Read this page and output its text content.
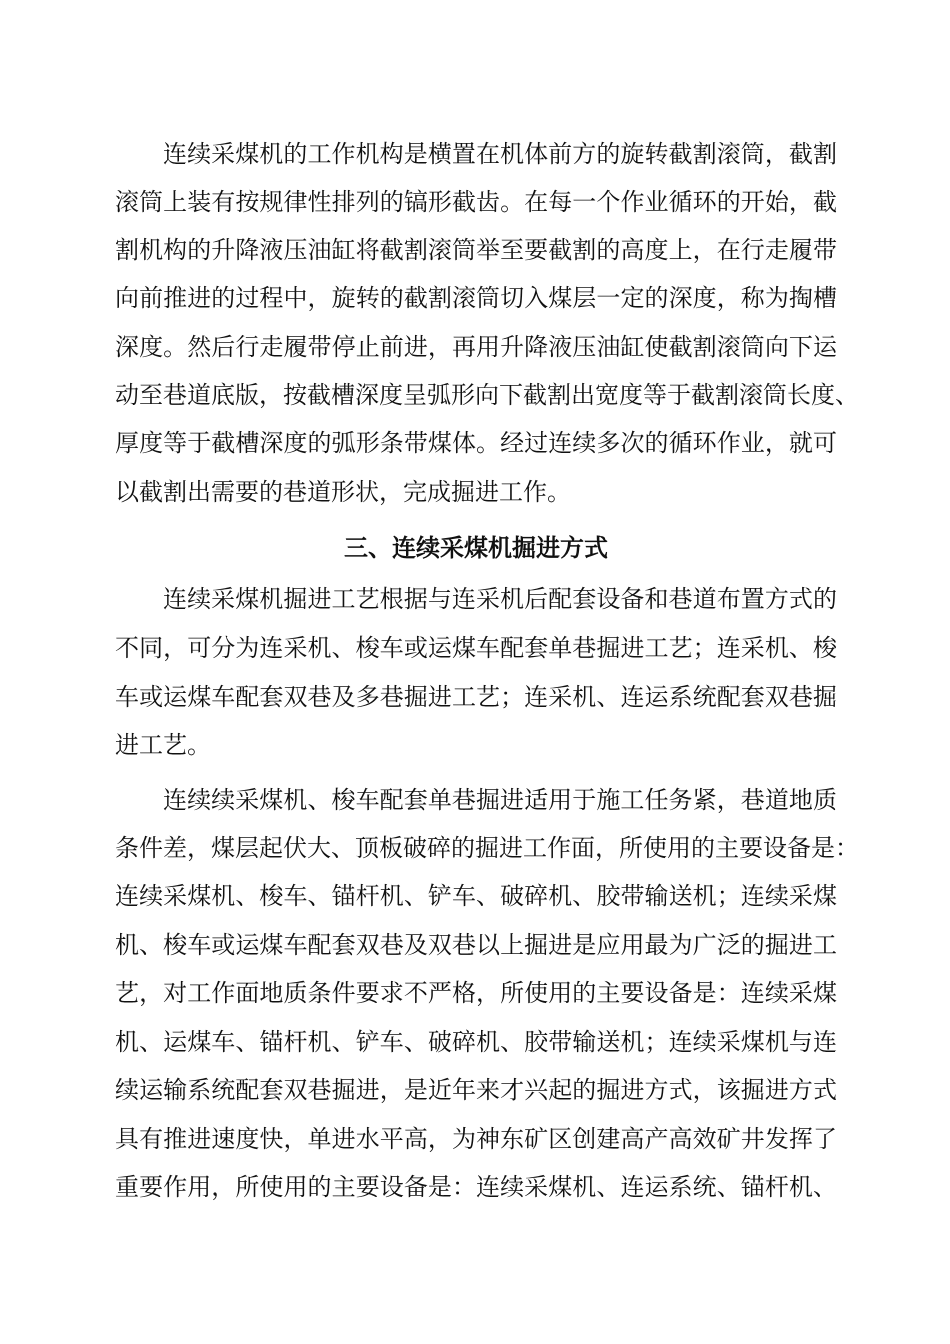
连续采煤机的工作机构是横置在机体前方的旋转截割滚筒，截割
滚筒上装有按规律性排列的镐形截齿。在每一个作业循环的开始，截
割机构的升降液压油缸将截割滚筒举至要截割的高度上，在行走履带
向前推进的过程中，旋转的截割滚筒切入煤层一定的深度，称为掏槽
深度。然后行走履带停止前进，再用升降液压油缸使截割滚筒向下运
动至巷道底版，按截槽深度呈弧形向下截割出宽度等于截割滚筒长度、
厚度等于截槽深度的弧形条带煤体。经过连续多次的循环作业，就可
以截割出需要的巷道形状，完成掘进工作。
三、连续采煤机掘进方式
连续采煤机掘进工艺根据与连采机后配套设备和巷道布置方式的
不同，可分为连采机、梭车或运煤车配套单巷掘进工艺；连采机、梭
车或运煤车配套双巷及多巷掘进工艺；连采机、连运系统配套双巷掘
进工艺。
连续续采煤机、梭车配套单巷掘进适用于施工任务紧，巷道地质
条件差，煤层起伏大、顶板破碎的掘进工作面，所使用的主要设备是：
连续采煤机、梭车、锚杆机、铲车、破碎机、胶带输送机；连续采煤
机、梭车或运煤车配套双巷及双巷以上掘进是应用最为广泛的掘进工
艺，对工作面地质条件要求不严格，所使用的主要设备是：连续采煤
机、运煤车、锚杆机、铲车、破碎机、胶带输送机；连续采煤机与连
续运输系统配套双巷掘进，是近年来才兴起的掘进方式，该掘进方式
具有推进速度快，单进水平高，为神东矿区创建高产高效矿井发挥了
重要作用，所使用的主要设备是：连续采煤机、连运系统、锚杆机、
